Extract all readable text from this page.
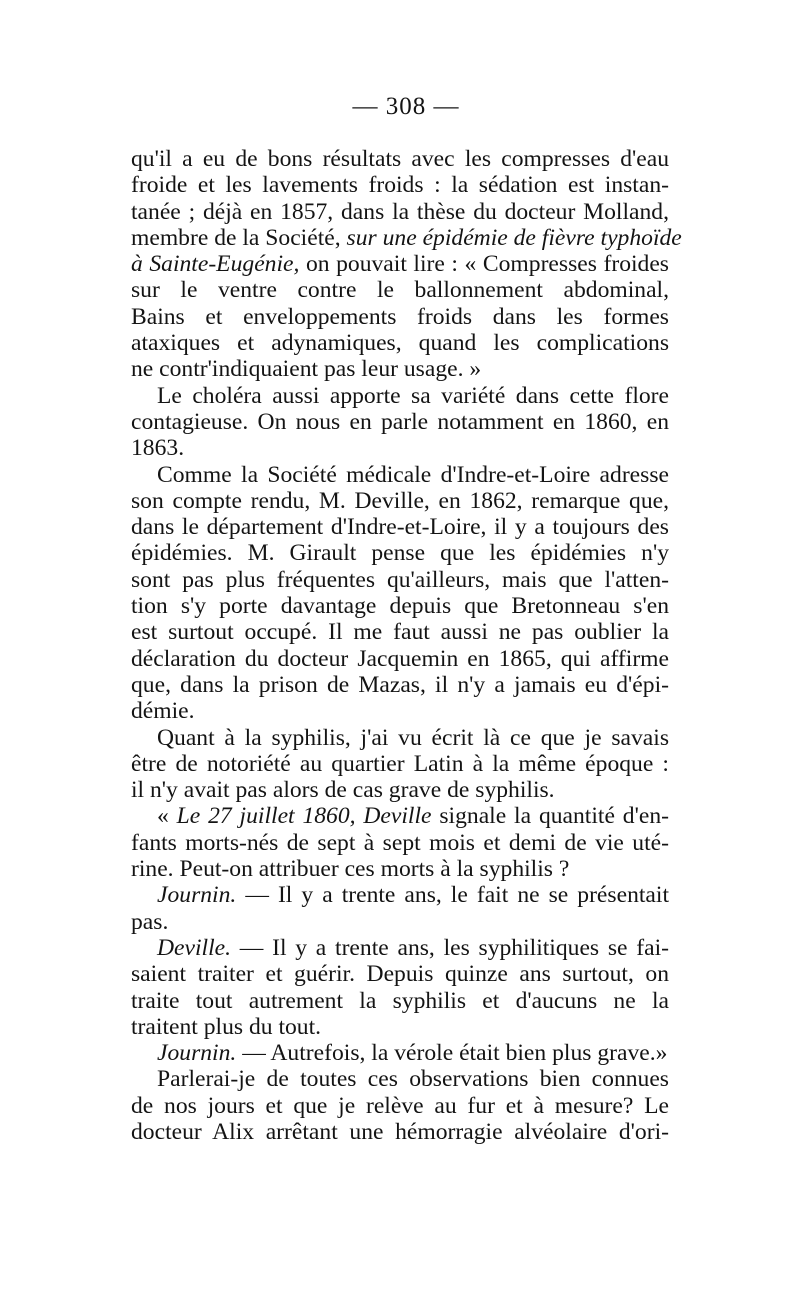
— 308 —

qu'il a eu de bons résultats avec les compresses d'eau
froide et les lavements froids : la sédation est instan-
tanée ; déjà en 1857, dans la thèse du docteur Molland,
membre de la Société, sur une épidémie de fièvre typhoïde
à Sainte-Eugénie, on pouvait lire : « Compresses froides
sur le ventre contre le ballonnement abdominal,
Bains et enveloppements froids dans les formes
ataxiques et adynamiques, quand les complications
ne contr'indiquaient pas leur usage. »

Le choléra aussi apporte sa variété dans cette flore
contagieuse. On nous en parle notamment en 1860, en
1863.

Comme la Société médicale d'Indre-et-Loire adresse
son compte rendu, M. Deville, en 1862, remarque que,
dans le département d'Indre-et-Loire, il y a toujours des
épidémies. M. Girault pense que les épidémies n'y
sont pas plus fréquentes qu'ailleurs, mais que l'atten-
tion s'y porte davantage depuis que Bretonneau s'en
est surtout occupé. Il me faut aussi ne pas oublier la
déclaration du docteur Jacquemin en 1865, qui affirme
que, dans la prison de Mazas, il n'y a jamais eu d'épi-
démie.

Quant à la syphilis, j'ai vu écrit là ce que je savais
être de notoriété au quartier Latin à la même époque :
il n'y avait pas alors de cas grave de syphilis.

« Le 27 juillet 1860, Deville signale la quantité d'en-
fants morts-nés de sept à sept mois et demi de vie uté-
rine. Peut-on attribuer ces morts à la syphilis ?

Journin. — Il y a trente ans, le fait ne se présentait
pas.

Deville. — Il y a trente ans, les syphilitiques se fai-
saient traiter et guérir. Depuis quinze ans surtout, on
traite tout autrement la syphilis et d'aucuns ne la
traitent plus du tout.

Journin. — Autrefois, la vérole était bien plus grave.»

Parlerai-je de toutes ces observations bien connues
de nos jours et que je relève au fur et à mesure? Le
docteur Alix arrêtant une hémorragie alvéolaire d'ori-
